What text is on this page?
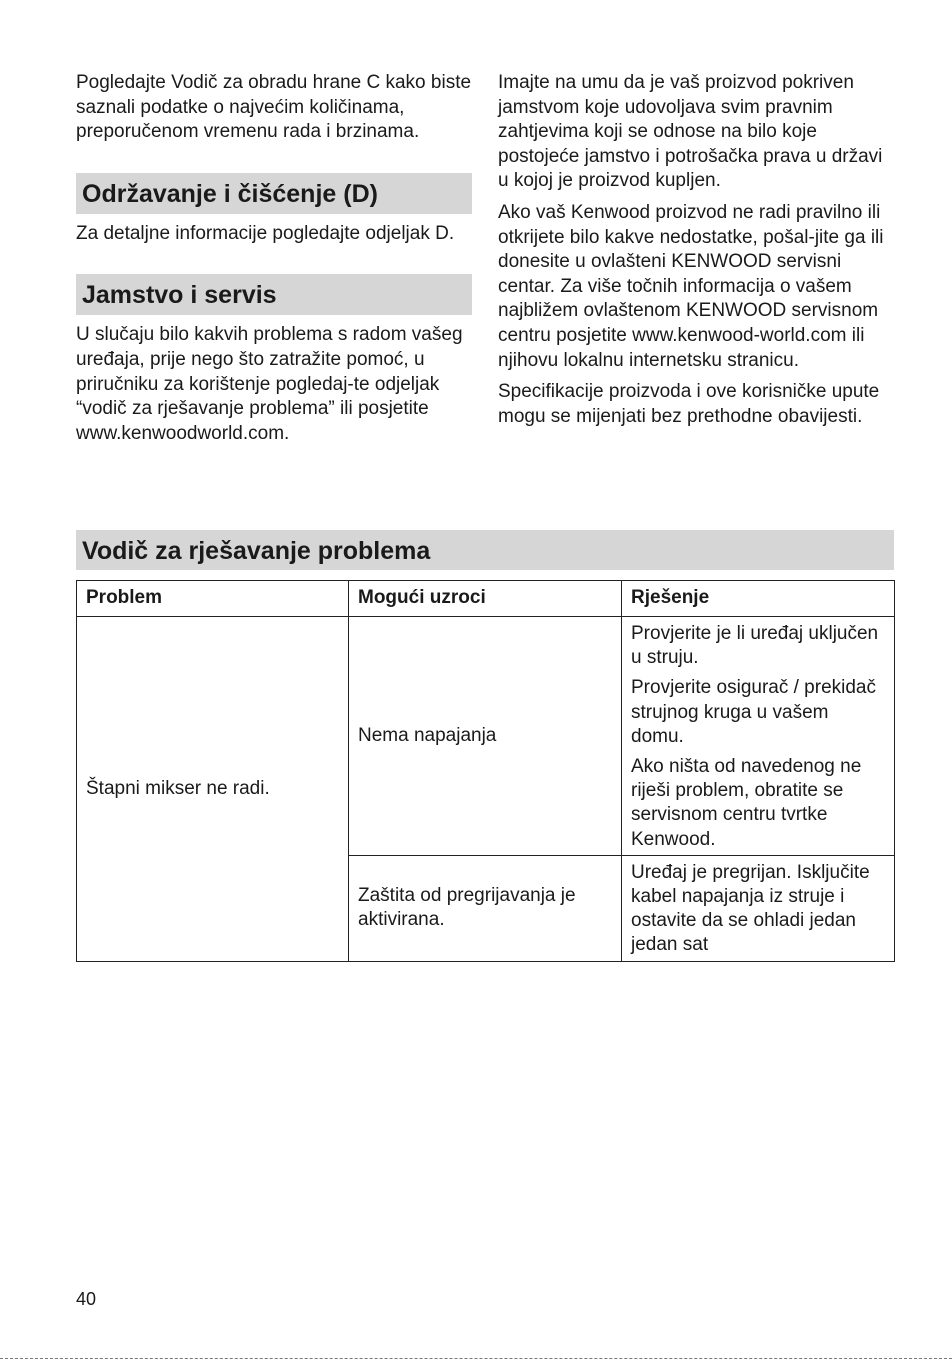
Pogledajte Vodič za obradu hrane C kako biste saznali podatke o najvećim količinama, preporučenom vremenu rada i brzinama.

Održavanje i čišćenje (D)

Za detaljne informacije pogledajte odjeljak D.

Jamstvo i servis

U slučaju bilo kakvih problema s radom vašeg uređaja, prije nego što zatražite pomoć, u priručniku za korištenje pogledaj-te odjeljak “vodič za rješavanje problema” ili posjetite www.kenwoodworld.com.

Imajte na umu da je vaš proizvod pokriven jamstvom koje udovoljava svim pravnim zahtjevima koji se odnose na bilo koje postojeće jamstvo i potrošačka prava u državi u kojoj je proizvod kupljen.

Ako vaš Kenwood proizvod ne radi pravilno ili otkrijete bilo kakve nedostatke, pošal-jite ga ili donesite u ovlašteni KENWOOD servisni centar. Za više točnih informacija o vašem najbližem ovlaštenom KENWOOD servisnom centru posjetite www.kenwood-world.com ili njihovu lokalnu internetsku stranicu.

Specifikacije proizvoda i ove korisničke upute mogu se mijenjati bez prethodne obavijesti.

Vodič za rješavanje problema
Problem	Mogući uzroci	Rješenje
Štapni mikser ne radi.	Nema napajanja	Provjerite je li uređaj uključen u struju.

Provjerite osigurač / prekidač strujnog kruga u vašem domu.

Ako ništa od navedenog ne riješi problem, obratite se servisnom centru tvrtke Kenwood.

	Zaštita od pregrijavanja je aktivirana.	Uređaj je pregrijan. Isključite kabel napajanja iz struje i ostavite da se ohladi jedan jedan sat

40
